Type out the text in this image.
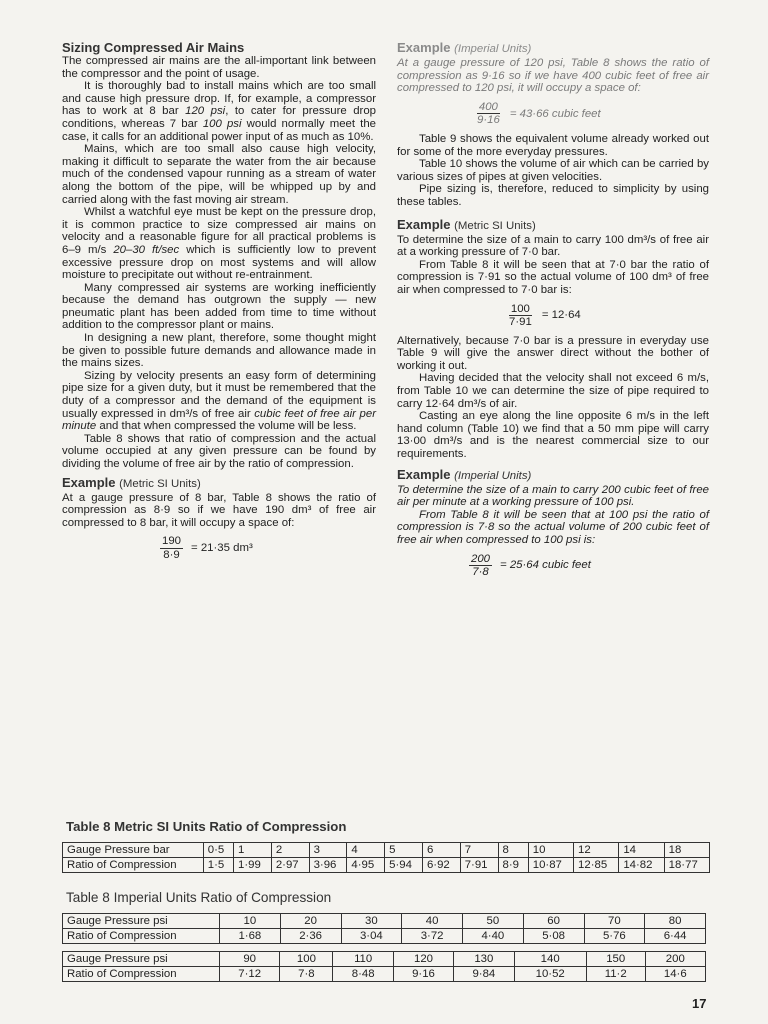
Sizing Compressed Air Mains

The compressed air mains are the all-important link between the compressor and the point of usage.

It is thoroughly bad to install mains which are too small and cause high pressure drop. If, for example, a compressor has to work at 8 bar 120 psi, to cater for pressure drop conditions, whereas 7 bar 100 psi would normally meet the case, it calls for an additional power input of as much as 10%.

Mains, which are too small also cause high velocity, making it difficult to separate the water from the air because much of the condensed vapour running as a stream of water along the bottom of the pipe, will be whipped up by and carried along with the fast moving air stream.

Whilst a watchful eye must be kept on the pressure drop, it is common practice to size compressed air mains on velocity and a reasonable figure for all practical problems is 6–9 m/s 20–30 ft/sec which is sufficiently low to prevent excessive pressure drop on most systems and will allow moisture to precipitate out without re-entrainment.

Many compressed air systems are working inefficiently because the demand has outgrown the supply — new pneumatic plant has been added from time to time without addition to the compressor plant or mains.

In designing a new plant, therefore, some thought might be given to possible future demands and allowance made in the mains sizes.

Sizing by velocity presents an easy form of determining pipe size for a given duty, but it must be remembered that the duty of a compressor and the demand of the equipment is usually expressed in dm³/s of free air cubic feet of free air per minute and that when compressed the volume will be less.

Table 8 shows that ratio of compression and the actual volume occupied at any given pressure can be found by dividing the volume of free air by the ratio of compression.

Example (Metric SI Units)

At a gauge pressure of 8 bar, Table 8 shows the ratio of compression as 8·9 so if we have 190 dm³ of free air compressed to 8 bar, it will occupy a space of:

$\frac{190}{8\cdot 9} = 21\cdot 35$ dm³
Example (Imperial Units)

At a gauge pressure of 120 psi, Table 8 shows the ratio of compression as 9·16 so if we have 400 cubic feet of free air compressed to 120 psi, it will occupy a space of:

$\frac{400}{9\cdot 16} = 43\cdot 66$ cubic feet

Table 9 shows the equivalent volume already worked out for some of the more everyday pressures.

Table 10 shows the volume of air which can be carried by various sizes of pipes at given velocities.

Pipe sizing is, therefore, reduced to simplicity by using these tables.

Example (Metric SI Units)

To determine the size of a main to carry 100 dm³/s of free air at a working pressure of 7·0 bar.

From Table 8 it will be seen that at 7·0 bar the ratio of compression is 7·91 so the actual volume of 100 dm³ of free air when compressed to 7·0 bar is:

$\frac{100}{7\cdot 91} = 12\cdot 64$

Alternatively, because 7·0 bar is a pressure in everyday use Table 9 will give the answer direct without the bother of working it out.

Having decided that the velocity shall not exceed 6 m/s, from Table 10 we can determine the size of pipe required to carry 12·64 dm³/s of air.

Casting an eye along the line opposite 6 m/s in the left hand column (Table 10) we find that a 50 mm pipe will carry 13·00 dm³/s and is the nearest commercial size to our requirements.

Example (Imperial Units)

To determine the size of a main to carry 200 cubic feet of free air per minute at a working pressure of 100 psi.

From Table 8 it will be seen that at 100 psi the ratio of compression is 7·8 so the actual volume of 200 cubic feet of free air when compressed to 100 psi is:

$\frac{200}{7\cdot 8} = 25\cdot 64$ cubic feet
Table 8 Metric SI Units Ratio of Compression
Gauge Pressure bar	0·5	1	2	3	4	5	6	7	8	10	12	14	18
Ratio of Compression	1·5	1·99	2·97	3·96	4·95	5·94	6·92	7·91	8·9	10·87	12·85	14·82	18·77
Table 8 Imperial Units Ratio of Compression
Gauge Pressure psi	10	20	30	40	50	60	70	80
Ratio of Compression	1·68	2·36	3·04	3·72	4·40	5·08	5·76	6·44
Gauge Pressure psi	90	100	110	120	130	140	150	200
Ratio of Compression	7·12	7·8	8·48	9·16	9·84	10·52	11·2	14·6
17
